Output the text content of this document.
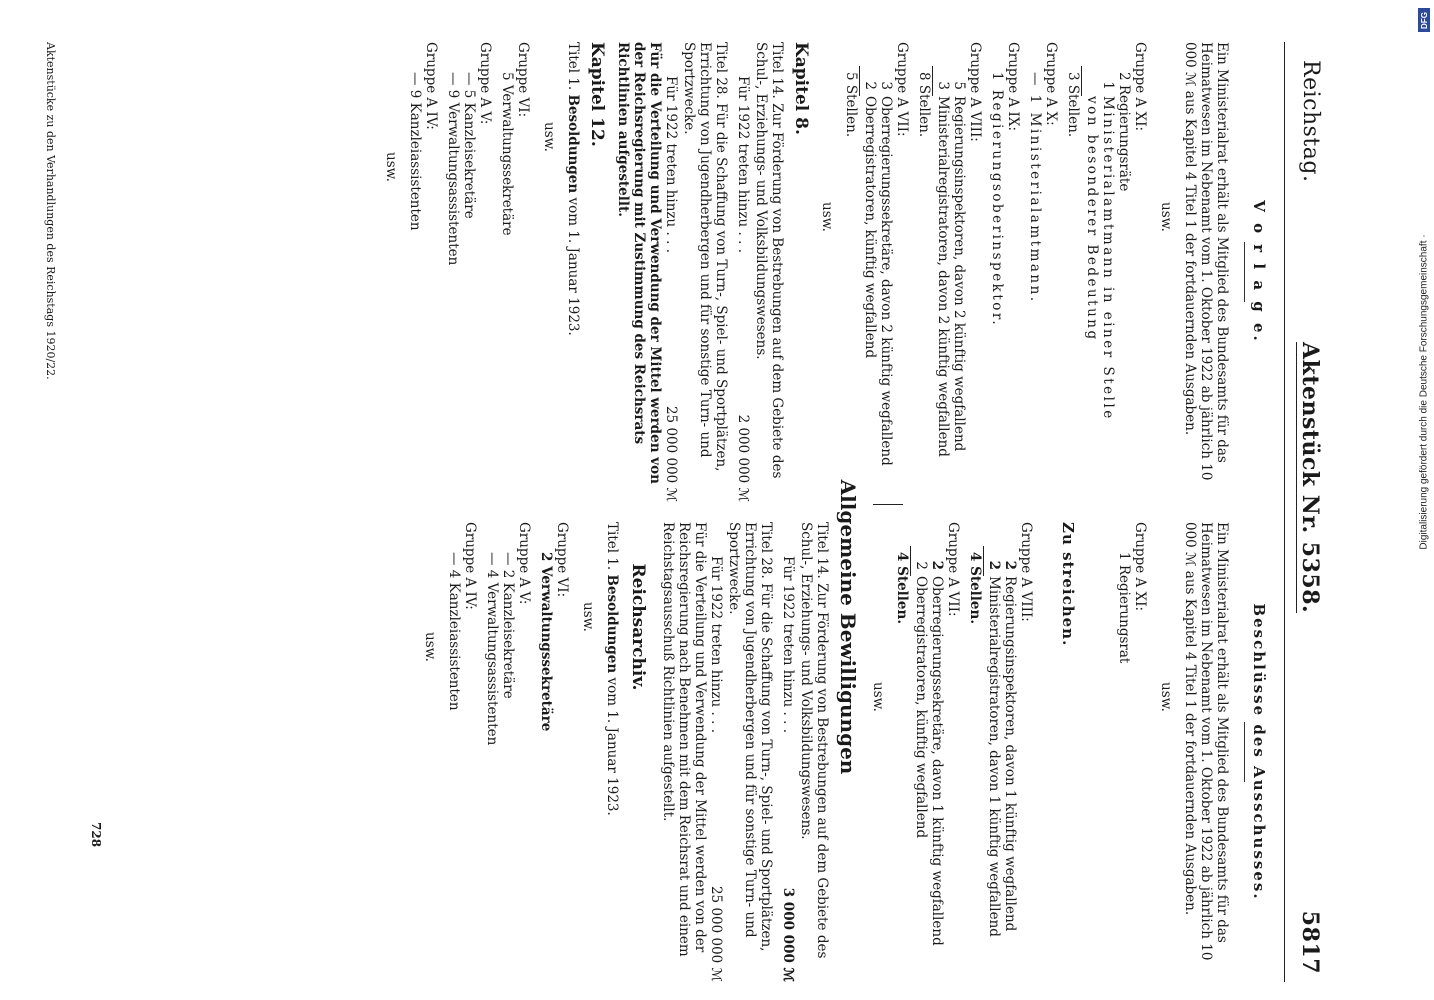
Reichstag.
Aktenstück Nr. 5358.
5817
V o r l a g e.

Ein Ministerialrat erhält als Mitglied des Bundesamts für das Heimatwesen im Nebenamt vom 1. Oktober 1922 ab jährlich 10 000 ℳ aus Kapitel 4 Titel 1 der fortdauernden Ausgaben.

usw.
Gruppe A XI:
2 Regierungsräte
1Ministerialamtmann in einer Stelle
von besonderer Bedeutung
3 Stellen.
Gruppe A X:
— 1 Ministerialamtmann.
Gruppe A IX:
1 Regierungsoberinspektor.
Gruppe A VIII:
5Regierungsinspektoren, davon 2 künftig wegfallend
3Ministerialregistratoren, davon 2 künftig wegfallend
8 Stellen.
Gruppe A VII:
3Oberregierungssekretäre, davon 2 künftig wegfallend
2Oberregistratoren, künftig wegfallend
5 Stellen.
usw.
Kapitel 8.

Titel 14. Zur Förderung von Bestrebungen auf dem Gebiete des Schul-, Erziehungs- und Volksbildungswesens.

Für 1922 treten hinzu . . .
2 000 000 ℳ

Titel 28. Für die Schaffung von Turn-, Spiel- und Sportplätzen, Errichtung von Jugendherbergen und für sonstige Turn- und Sportzwecke.

Für 1922 treten hinzu . . .
25 000 000 ℳ

Für die Verteilung und Verwendung der Mittel werden von der Reichsregierung mit Zustimmung des Reichsrats Richtlinien aufgestellt.

Kapitel 12.

Titel 1. Besoldungen vom 1. Januar 1923.

usw.
Gruppe VI:
5 Verwaltungssekretäre
Gruppe A V:
— 5 Kanzleisekretäre
— 9 Verwaltungsassistenten
Gruppe A IV:
— 9 Kanzleiassistenten
usw.
Beschlüsse des Ausschusses.

Ein Ministerialrat erhält als Mitglied des Bundesamts für das Heimatwesen im Nebenamt vom 1. Oktober 1922 ab jährlich 10 000 ℳ aus Kapitel 4 Titel 1 der fortdauernden Ausgaben.

usw.
Gruppe A XI:
1 Regierungsrat
Zu streichen.
Gruppe A VIII:
2Regierungsinspektoren, davon 1 künftig wegfallend
2Ministerialregistratoren, davon 1 künftig wegfallend
4 Stellen.
Gruppe A VII:
2Oberregierungssekretäre, davon 1 künftig wegfallend
2Oberregistratoren, künftig wegfallend
4 Stellen.
usw.
Allgemeine Bewilligungen

Titel 14. Zur Förderung von Bestrebungen auf dem Gebiete des Schul-, Erziehungs- und Volksbildungswesens.

Für 1922 treten hinzu . . .
3 000 000 ℳ

Titel 28. Für die Schaffung von Turn-, Spiel- und Sportplätzen, Errichtung von Jugendherbergen und für sonstige Turn- und Sportzwecke.

Für 1922 treten hinzu . . .
25 000 000 ℳ

Für die Verteilung und Verwendung der Mittel werden von der Reichsregierung nach Benehmen mit dem Reichsrat und einem Reichstagsausschuß Richtlinien aufgestellt.

Reichsarchiv.

Titel 1. Besoldungen vom 1. Januar 1923.

usw.
Gruppe VI:
2 Verwaltungssekretäre
Gruppe A V:
— 2 Kanzleisekretäre
— 4 Verwaltungsassistenten
Gruppe A IV:
— 4 Kanzleiassistenten
usw.
728
Aktenstücke zu den Verhandlungen des Reichstags 1920/22.
DFG
Digitalisierung gefördert durch die Deutsche Forschungsgemeinschaft ·
